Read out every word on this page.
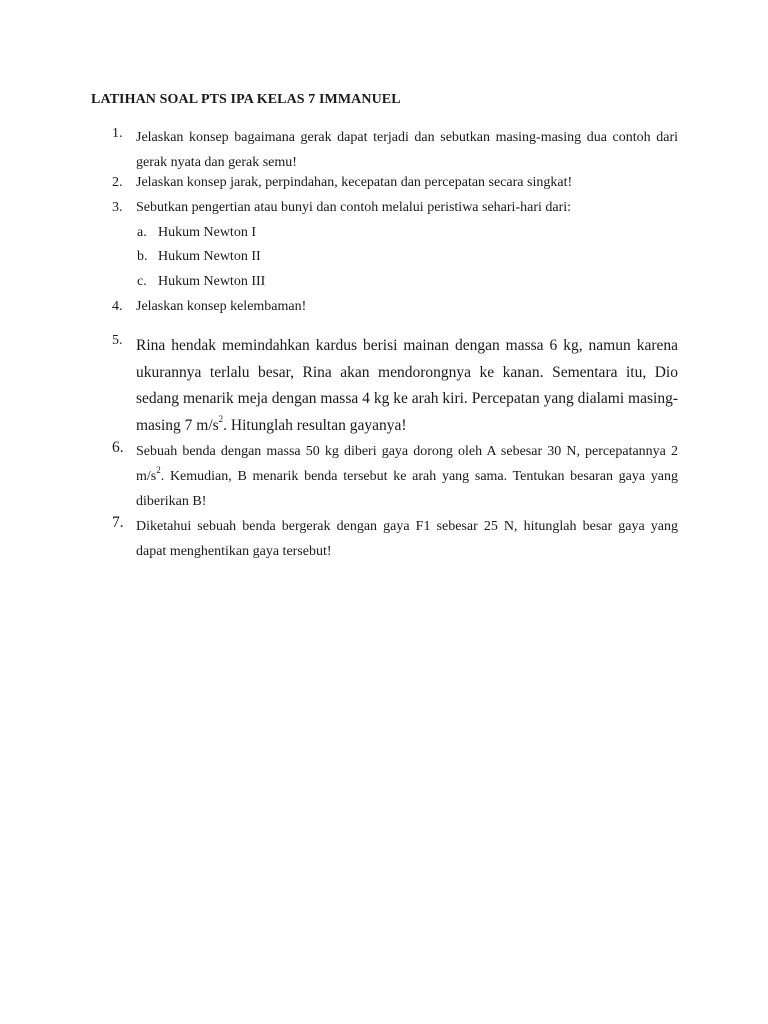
LATIHAN SOAL PTS IPA KELAS 7 IMMANUEL
1. Jelaskan konsep bagaimana gerak dapat terjadi dan sebutkan masing-masing dua contoh dari gerak nyata dan gerak semu!
2. Jelaskan konsep jarak, perpindahan, kecepatan dan percepatan secara singkat!
3. Sebutkan pengertian atau bunyi dan contoh melalui peristiwa sehari-hari dari:
a. Hukum Newton I
b. Hukum Newton II
c. Hukum Newton III
4. Jelaskan konsep kelembaman!
5. Rina hendak memindahkan kardus berisi mainan dengan massa 6 kg, namun karena ukurannya terlalu besar, Rina akan mendorongnya ke kanan. Sementara itu, Dio sedang menarik meja dengan massa 4 kg ke arah kiri. Percepatan yang dialami masing-masing 7 $m/s^2$. Hitunglah resultan gayanya!
6. Sebuah benda dengan massa 50 kg diberi gaya dorong oleh A sebesar 30 N, percepatannya 2 $m/s^2$. Kemudian, B menarik benda tersebut ke arah yang sama. Tentukan besaran gaya yang diberikan B!
7. Diketahui sebuah benda bergerak dengan gaya F1 sebesar 25 N, hitunglah besar gaya yang dapat menghentikan gaya tersebut!
